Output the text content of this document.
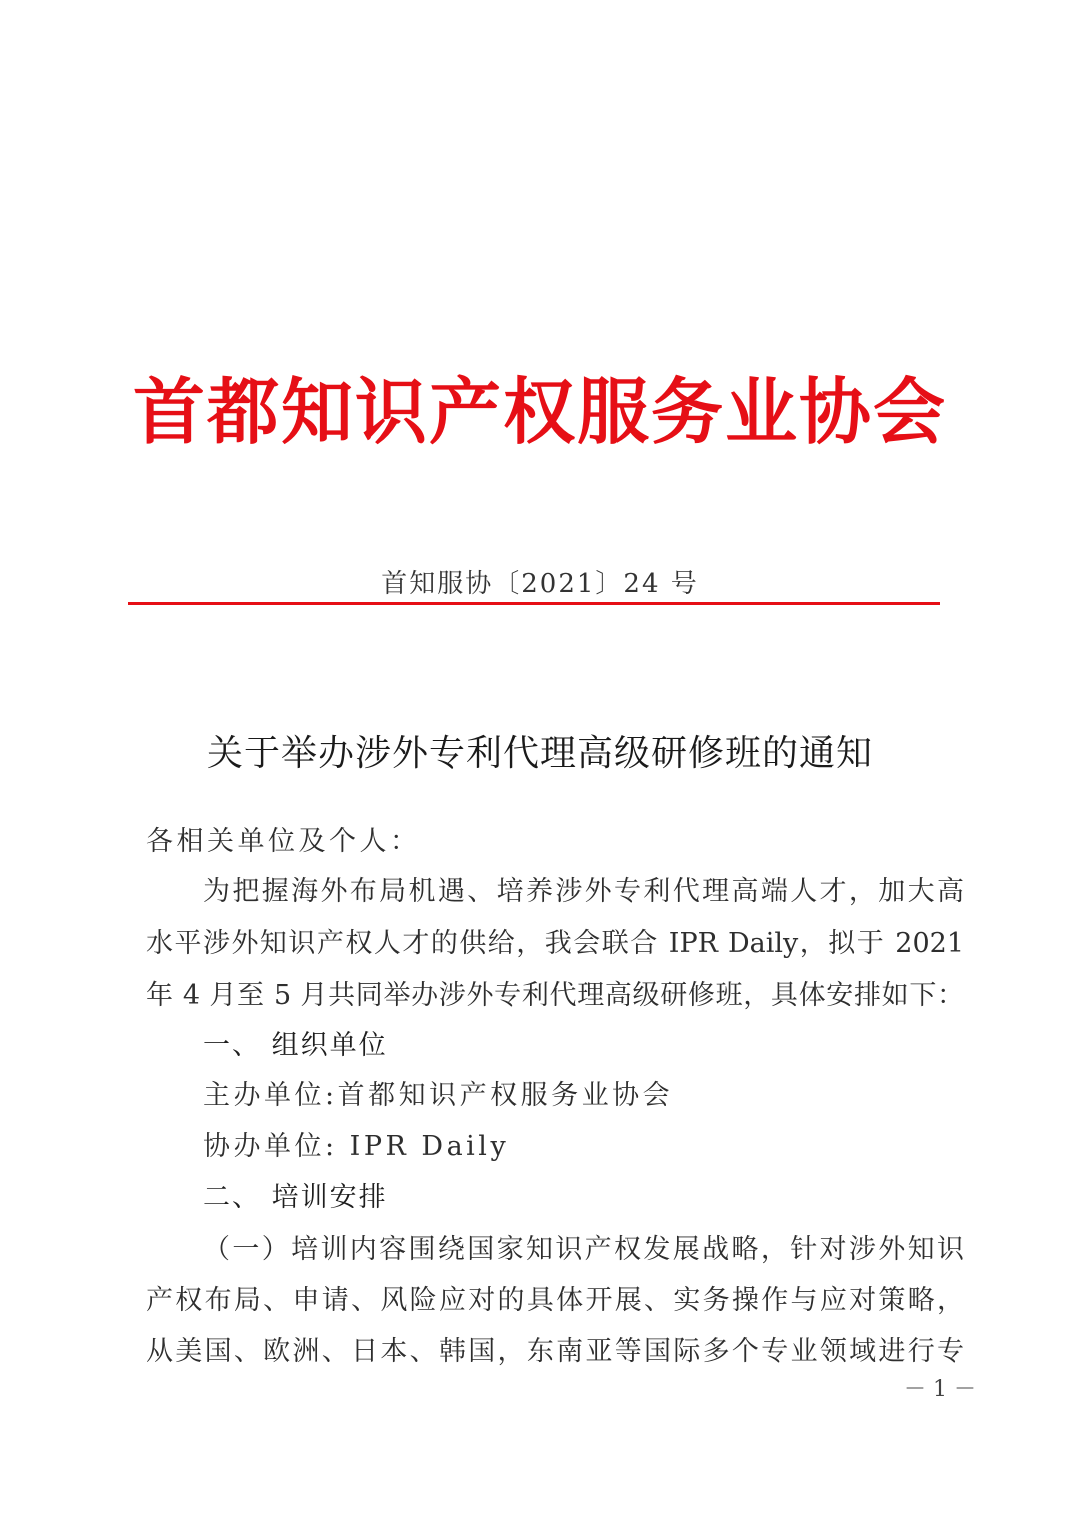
首都知识产权服务业协会
首知服协〔2021〕24 号
关于举办涉外专利代理高级研修班的通知
各相关单位及个人：
为把握海外布局机遇、培养涉外专利代理高端人才，加大高
水平涉外知识产权人才的供给，我会联合 IPR Daily，拟于 2021
年 4 月至 5 月共同举办涉外专利代理高级研修班，具体安排如下：
一、 组织单位
主办单位:首都知识产权服务业协会
协办单位: IPR Daily
二、 培训安排
（一）培训内容围绕国家知识产权发展战略，针对涉外知识
产权布局、申请、风险应对的具体开展、实务操作与应对策略，
从美国、欧洲、日本、韩国，东南亚等国际多个专业领域进行专
－ 1 －
